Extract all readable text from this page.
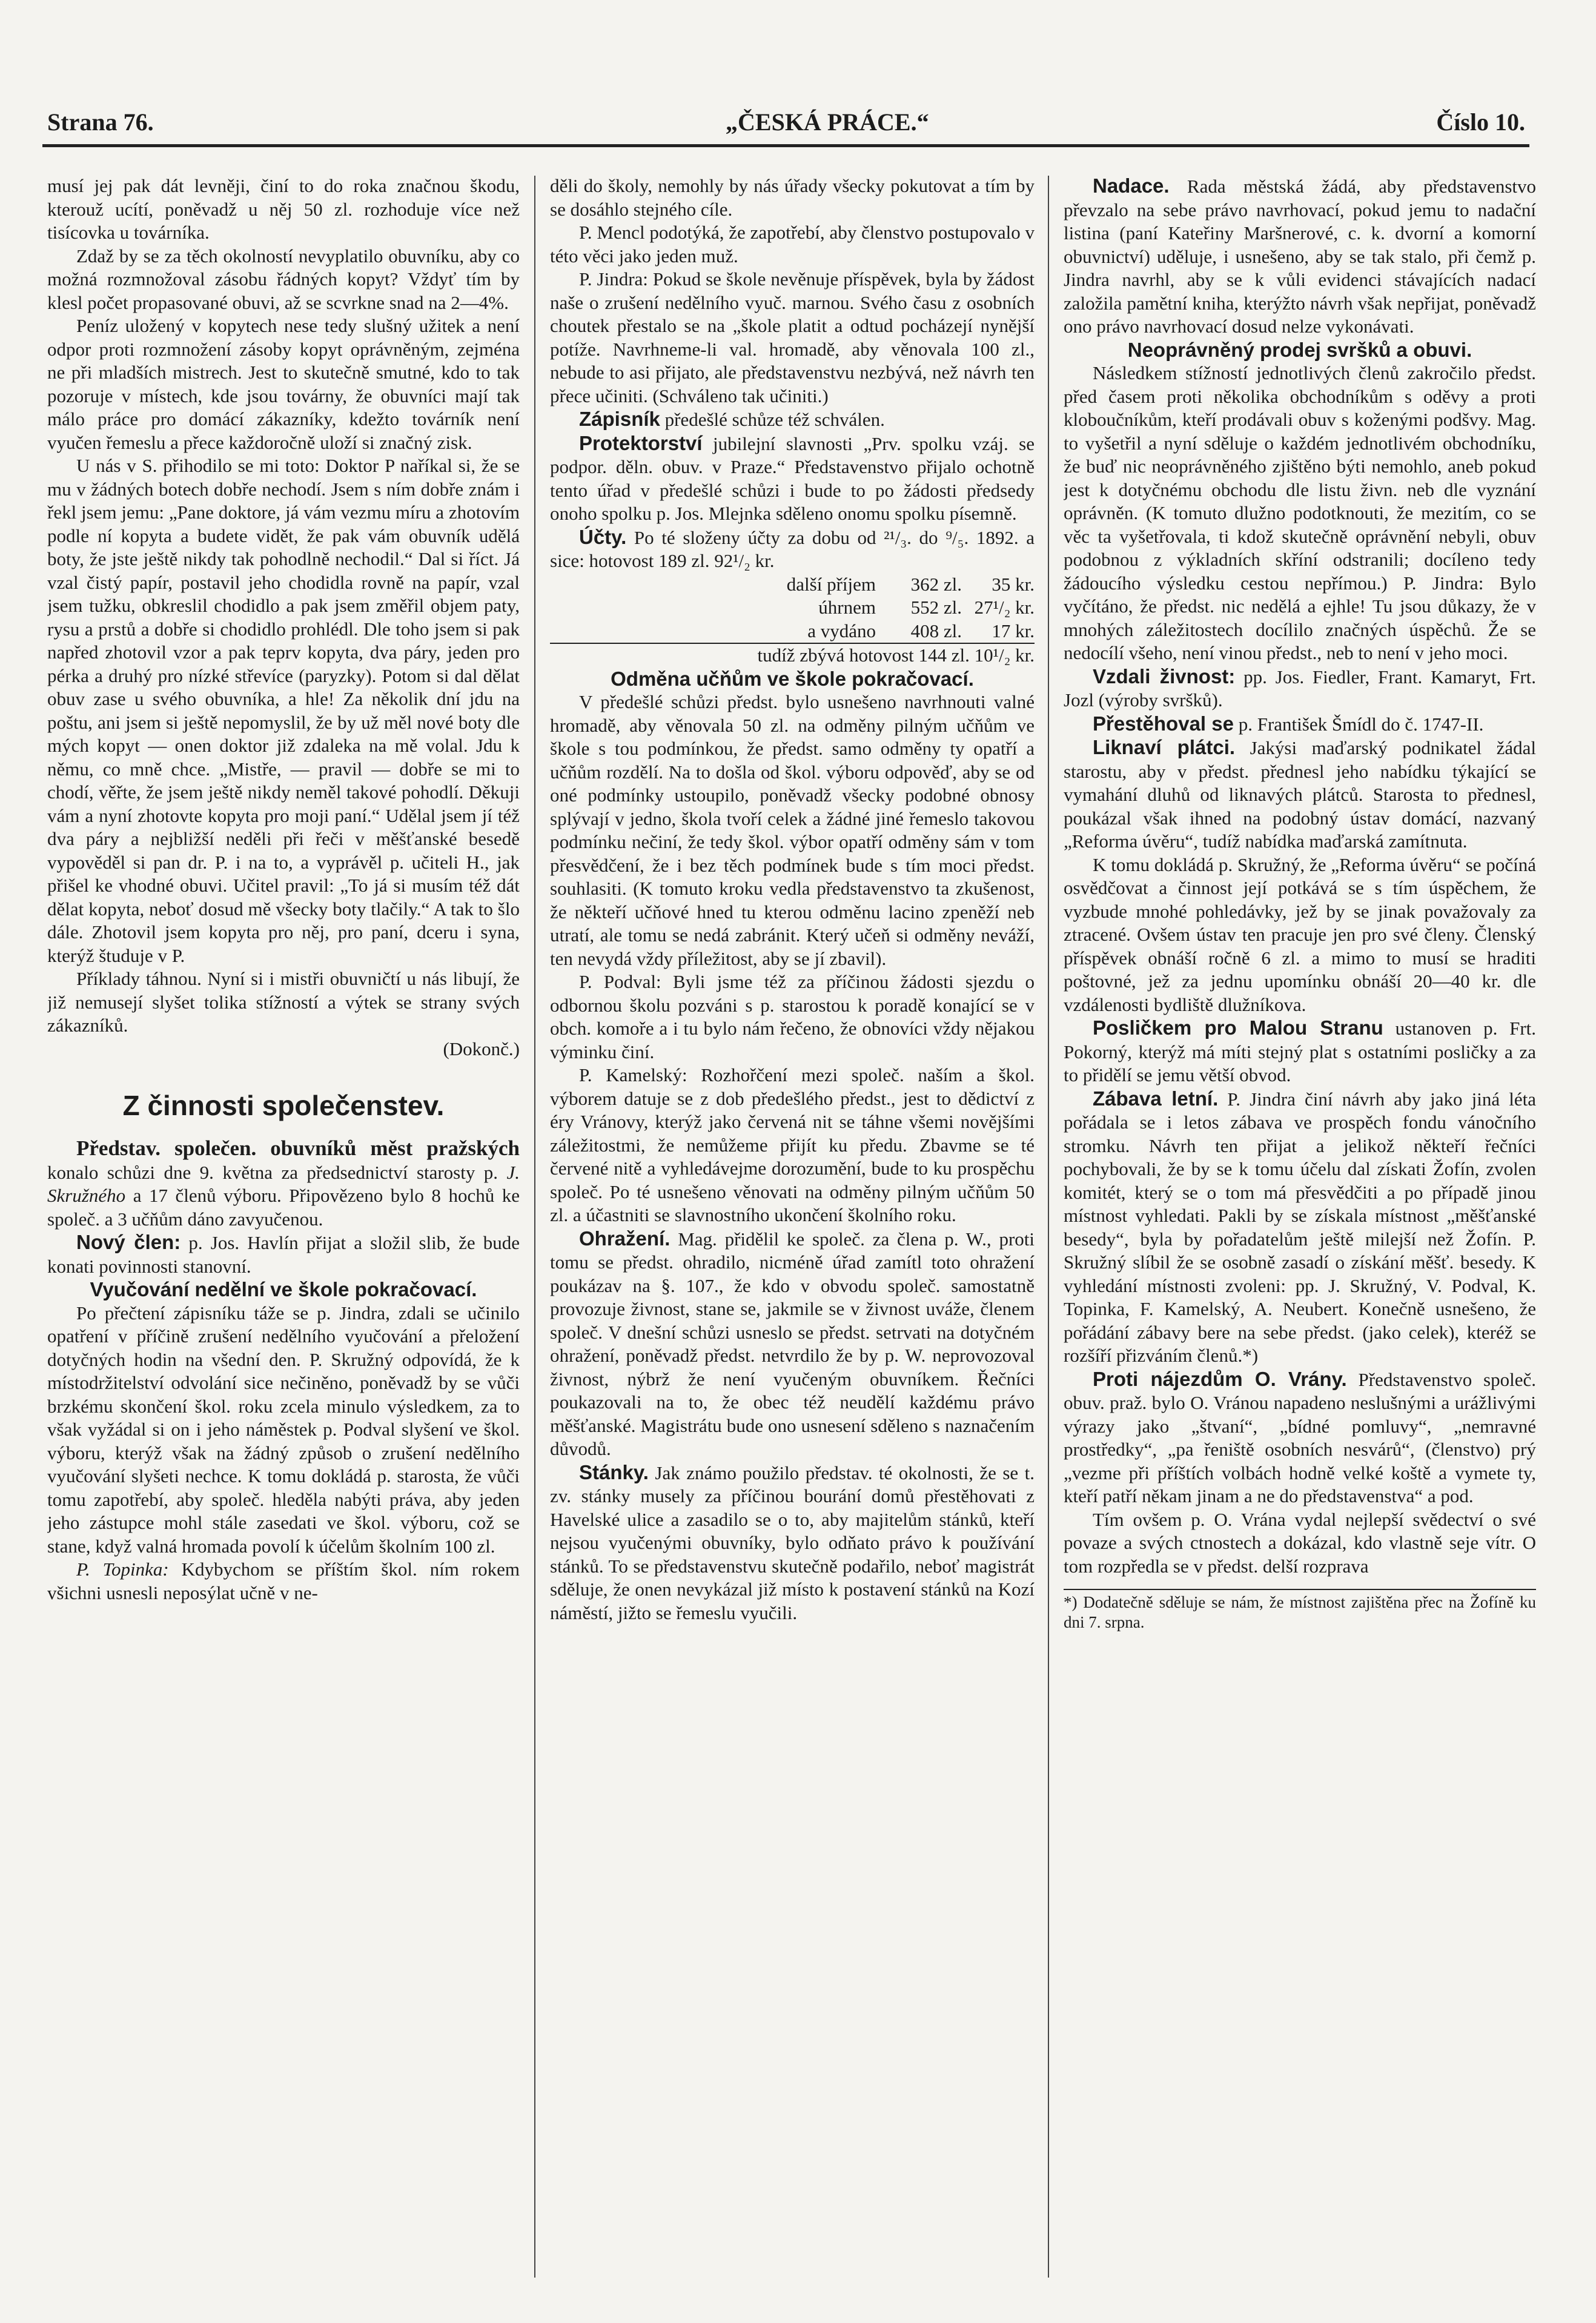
Strana 76.	„ČESKÁ PRÁCE.“	Číslo 10.

musí jej pak dát levněji, činí to do roka značnou škodu, kterouž ucítí, poněvadž u něj 50 zl. rozhoduje více než tisícovka u továrníka.

Zdaž by se za těch okolností nevyplatilo obuvníku, aby co možná rozmnožoval zásobu řádných kopyt? Vždyť tím by klesl počet propasované obuvi, až se scvrkne snad na 2—4%.

Peníz uložený v kopytech nese tedy slušný užitek a není odpor proti rozmnožení zásoby kopyt oprávněným, zejména ne při mladších mistrech. Jest to skutečně smutné, kdo to tak pozoruje v místech, kde jsou továrny, že obuvníci mají tak málo práce pro domácí zákazníky, kdežto továrník není vyučen řemeslu a přece každoročně uloží si značný zisk.

U nás v S. přihodilo se mi toto: Doktor P naříkal si, že se mu v žádných botech dobře nechodí. Jsem s ním dobře znám i řekl jsem jemu: „Pane doktore, já vám vezmu míru a zhotovím podle ní kopyta a budete vidět, že pak vám obuvník udělá boty, že jste ještě nikdy tak pohodlně nechodil.“ Dal si říct. Já vzal čistý papír, postavil jeho chodidla rovně na papír, vzal jsem tužku, obkreslil chodidlo a pak jsem změřil objem paty, rysu a prstů a dobře si chodidlo prohlédl. Dle toho jsem si pak napřed zhotovil vzor a pak teprv kopyta, dva páry, jeden pro pérka a druhý pro nízké střevíce (paryzky). Potom si dal dělat obuv zase u svého obuvníka, a hle! Za několik dní jdu na poštu, ani jsem si ještě nepomyslil, že by už měl nové boty dle mých kopyt — onen doktor již zdaleka na mě volal. Jdu k němu, co mně chce. „Mistře, — pravil — dobře se mi to chodí, věřte, že jsem ještě nikdy neměl takové pohodlí. Děkuji vám a nyní zhotovte kopyta pro moji paní.“ Udělal jsem jí též dva páry a nejbližší neděli při řeči v měšťanské besedě vypověděl si pan dr. P. i na to, a vyprávěl p. učiteli H., jak přišel ke vhodné obuvi. Učitel pravil: „To já si musím též dát dělat kopyta, neboť dosud mě všecky boty tlačily.“ A tak to šlo dále. Zhotovil jsem kopyta pro něj, pro paní, dceru i syna, kterýž študuje v P.

Příklady táhnou. Nyní si i mistři obuvničtí u nás libují, že již nemusejí slyšet tolika stížností a výtek se strany svých zákazníků.

(Dokonč.)

Z činnosti společenstev.

Představ. společen. obuvníků měst pražských konalo schůzi dne 9. května za předsednictví starosty p. J. Skružného a 17 členů výboru. Připovězeno bylo 8 hochů ke společ. a 3 učňům dáno zavyučenou.

Nový člen: p. Jos. Havlín přijat a složil slib, že bude konati povinnosti stanovní.

Vyučování nedělní ve škole pokračovací.

Po přečtení zápisníku táže se p. Jindra, zdali se učinilo opatření v příčině zrušení nedělního vyučování a přeložení dotyčných hodin na všední den. P. Skružný odpovídá, že k místodržitelství odvolání sice nečiněno, poněvadž by se vůči brzkému skončení škol. roku zcela minulo výsledkem, za to však vyžádal si on i jeho náměstek p. Podval slyšení ve škol. výboru, kterýž však na žádný způsob o zrušení nedělního vyučování slyšeti nechce. K tomu dokládá p. starosta, že vůči tomu zapotřebí, aby společ. hleděla nabýti práva, aby jeden jeho zástupce mohl stále zasedati ve škol. výboru, což se stane, když valná hromada povolí k účelům školním 100 zl.

P. Topinka: Kdybychom se příštím škol. ním rokem všichni usnesli neposýlat učně v ne-

děli do školy, nemohly by nás úřady všecky pokutovat a tím by se dosáhlo stejného cíle.

P. Mencl podotýká, že zapotřebí, aby členstvo postupovalo v této věci jako jeden muž.

P. Jindra: Pokud se škole nevěnuje příspěvek, byla by žádost naše o zrušení nedělního vyuč. marnou. Svého času z osobních choutek přestalo se na „škole platit a odtud pocházejí nynější potíže. Navrhneme-li val. hromadě, aby věnovala 100 zl., nebude to asi přijato, ale představenstvu nezbývá, než návrh ten přece učiniti. (Schváleno tak učiniti.)

Zápisník předešlé schůze též schválen.

Protektorství jubilejní slavnosti „Prv. spolku vzáj. se podpor. děln. obuv. v Praze.“ Představenstvo přijalo ochotně tento úřad v předešlé schůzi i bude to po žádosti předsedy onoho spolku p. Jos. Mlejnka sděleno onomu spolku písemně.

Účty. Po té složeny účty za dobu od ²¹/₃. do ⁹/₅. 1892. a sice: hotovost 189 zl. 92¹/₂ kr.

další příjem	362 zl.	35 kr.
úhrnem	552 zl.	27¹/₂ kr.
a vydáno	408 zl.	17 kr.

tudíž zbývá hotovost 144 zl. 10¹/₂ kr.

Odměna učňům ve škole pokračovací.

V předešlé schůzi předst. bylo usnešeno navrhnouti valné hromadě, aby věnovala 50 zl. na odměny pilným učňům ve škole s tou podmínkou, že předst. samo odměny ty opatří a učňům rozdělí. Na to došla od škol. výboru odpověď, aby se od oné podmínky ustoupilo, poněvadž všecky podobné obnosy splývají v jedno, škola tvoří celek a žádné jiné řemeslo takovou podmínku nečiní, že tedy škol. výbor opatří odměny sám v tom přesvědčení, že i bez těch podmínek bude s tím moci předst. souhlasiti. (K tomuto kroku vedla představenstvo ta zkušenost, že někteří učňové hned tu kterou odměnu lacino zpeněží neb utratí, ale tomu se nedá zabránit. Který učeň si odměny neváží, ten nevydá vždy příležitost, aby se jí zbavil).

P. Podval: Byli jsme též za příčinou žádosti sjezdu o odbornou školu pozváni s p. starostou k poradě konající se v obch. komoře a i tu bylo nám řečeno, že obnovíci vždy nějakou výminku činí.

P. Kamelský: Rozhořčení mezi společ. naším a škol. výborem datuje se z dob předešlého předst., jest to dědictví z éry Vránovy, kterýž jako červená nit se táhne všemi novějšími záležitostmi, že nemůžeme přijít ku předu. Zbavme se té červené nitě a vyhledávejme dorozumění, bude to ku prospěchu společ. Po té usnešeno věnovati na odměny pilným učňům 50 zl. a účastniti se slavnostního ukončení školního roku.

Ohražení. Mag. přidělil ke společ. za člena p. W., proti tomu se předst. ohradilo, nicméně úřad zamítl toto ohražení poukázav na §. 107., že kdo v obvodu společ. samostatně provozuje živnost, stane se, jakmile se v živnost uváže, členem společ. V dnešní schůzi usneslo se předst. setrvati na dotyčném ohražení, poněvadž předst. netvrdilo že by p. W. neprovozoval živnost, nýbrž že není vyučeným obuvníkem. Řečníci poukazovali na to, že obec též neudělí každému právo měšťanské. Magistrátu bude ono usnesení sděleno s naznačením důvodů.

Stánky. Jak známo použilo představ. té okolnosti, že se t. zv. stánky musely za příčinou bourání domů přestěhovati z Havelské ulice a zasadilo se o to, aby majitelům stánků, kteří nejsou vyučenými obuvníky, bylo odňato právo k používání stánků. To se představenstvu skutečně podařilo, neboť magistrát sděluje, že onen nevykázal již místo k postavení stánků na Kozí náměstí, jižto se řemeslu vyučili.

Nadace. Rada městská žádá, aby představenstvo převzalo na sebe právo navrhovací, pokud jemu to nadační listina (paní Kateřiny Maršnerové, c. k. dvorní a komorní obuvnictví) uděluje, i usnešeno, aby se tak stalo, při čemž p. Jindra navrhl, aby se k vůli evidenci stávajících nadací založila pamětní kniha, kterýžto návrh však nepřijat, poněvadž ono právo navrhovací dosud nelze vykonávati.

Neoprávněný prodej svršků a obuvi.

Následkem stížností jednotlivých členů zakročilo předst. před časem proti několika obchodníkům s oděvy a proti kloboučníkům, kteří prodávali obuv s koženými podšvy. Mag. to vyšetřil a nyní sděluje o každém jednotlivém obchodníku, že buď nic neoprávněného zjištěno býti nemohlo, aneb pokud jest k dotyčnému obchodu dle listu živn. neb dle vyznání oprávněn. (K tomuto dlužno podotknouti, že mezitím, co se věc ta vyšetřovala, ti kdož skutečně oprávnění nebyli, obuv podobnou z výkladních skříní odstranili; docíleno tedy žádoucího výsledku cestou nepřímou.) P. Jindra: Bylo vyčítáno, že předst. nic nedělá a ejhle! Tu jsou důkazy, že v mnohých záležitostech docílilo značných úspěchů. Že se nedocílí všeho, není vinou předst., neb to není v jeho moci.

Vzdali živnost: pp. Jos. Fiedler, Frant. Kamaryt, Frt. Jozl (výroby svršků).

Přestěhoval se p. František Šmídl do č. 1747-II.

Liknaví plátci. Jakýsi maďarský podnikatel žádal starostu, aby v předst. přednesl jeho nabídku týkající se vymahání dluhů od liknavých plátců. Starosta to přednesl, poukázal však ihned na podobný ústav domácí, nazvaný „Reforma úvěru“, tudíž nabídka maďarská zamítnuta.

K tomu dokládá p. Skružný, že „Reforma úvěru“ se počíná osvědčovat a činnost její potkává se s tím úspěchem, že vyzbude mnohé pohledávky, jež by se jinak považovaly za ztracené. Ovšem ústav ten pracuje jen pro své členy. Členský příspěvek obnáší ročně 6 zl. a mimo to musí se hraditi poštovné, jež za jednu upomínku obnáší 20—40 kr. dle vzdálenosti bydliště dlužníkova.

Posličkem pro Malou Stranu ustanoven p. Frt. Pokorný, kterýž má míti stejný plat s ostatními posličky a za to přidělí se jemu větší obvod.

Zábava letní. P. Jindra činí návrh aby jako jiná léta pořádala se i letos zábava ve prospěch fondu vánočního stromku. Návrh ten přijat a jelikož někteří řečníci pochybovali, že by se k tomu účelu dal získati Žofín, zvolen komitét, který se o tom má přesvědčiti a po případě jinou místnost vyhledati. Pakli by se získala místnost „měšťanské besedy“, byla by pořadatelům ještě milejší než Žofín. P. Skružný slíbil že se osobně zasadí o získání měšť. besedy. K vyhledání místnosti zvoleni: pp. J. Skružný, V. Podval, K. Topinka, F. Kamelský, A. Neubert. Konečně usnešeno, že pořádání zábavy bere na sebe předst. (jako celek), kteréž se rozšíří přizváním členů.*)

Proti nájezdům O. Vrány. Představenstvo společ. obuv. praž. bylo O. Vránou napadeno neslušnými a urážlivými výrazy jako „štvaní“, „bídné pomluvy“, „nemravné prostředky“, „pa řeniště osobních nesvárů“, (členstvo) prý „vezme při příštích volbách hodně velké koště a vymete ty, kteří patří někam jinam a ne do představenstva“ a pod.

Tím ovšem p. O. Vrána vydal nejlepší svědectví o své povaze a svých ctnostech a dokázal, kdo vlastně seje vítr. O tom rozpředla se v předst. delší rozprava

*) Dodatečně sděluje se nám, že místnost zajištěna přec na Žofíně ku dni 7. srpna.
